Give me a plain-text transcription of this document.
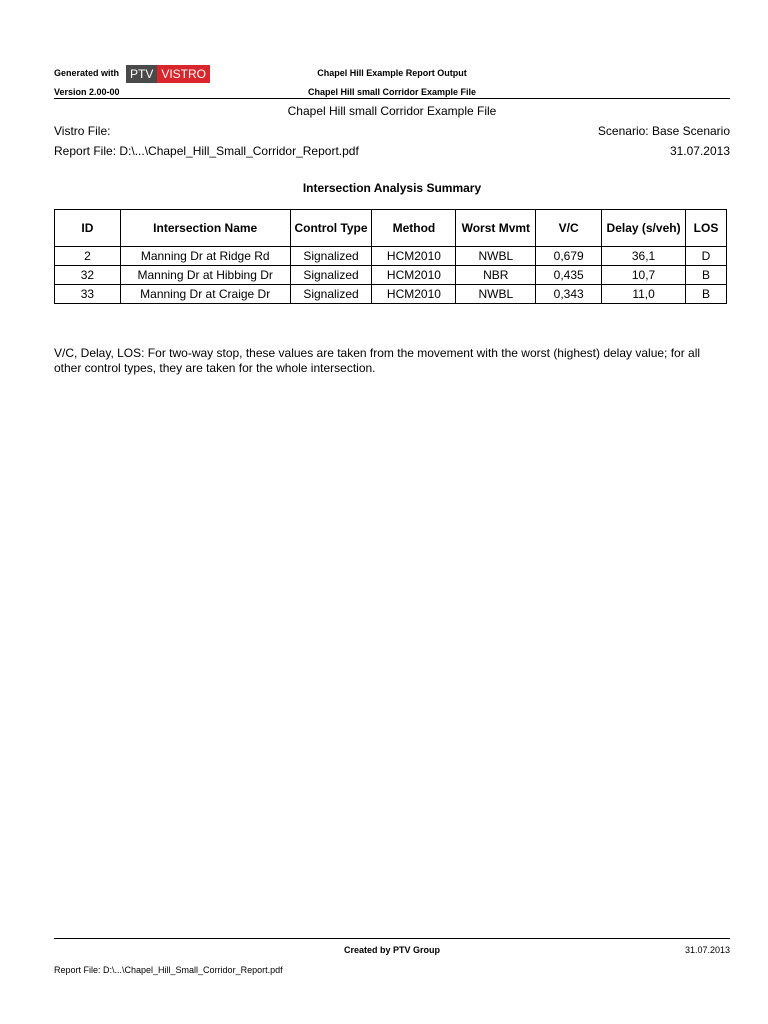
Generated with PTV VISTRO	Chapel Hill Example Report Output
Version 2.00-00	Chapel Hill small Corridor Example File
Chapel Hill small Corridor Example File
Vistro File:	Scenario: Base Scenario
Report File: D:\...\Chapel_Hill_Small_Corridor_Report.pdf	31.07.2013
Intersection Analysis Summary
ID	Intersection Name	Control Type	Method	Worst Mvmt	V/C	Delay (s/veh)	LOS
2	Manning Dr at Ridge Rd	Signalized	HCM2010	NWBL	0,679	36,1	D
32	Manning Dr at Hibbing Dr	Signalized	HCM2010	NBR	0,435	10,7	B
33	Manning Dr at Craige Dr	Signalized	HCM2010	NWBL	0,343	11,0	B
V/C, Delay, LOS: For two-way stop, these values are taken from the movement with the worst (highest) delay value; for all other control types, they are taken for the whole intersection.
Created by PTV Group	31.07.2013
Report File: D:\...\Chapel_Hill_Small_Corridor_Report.pdf
